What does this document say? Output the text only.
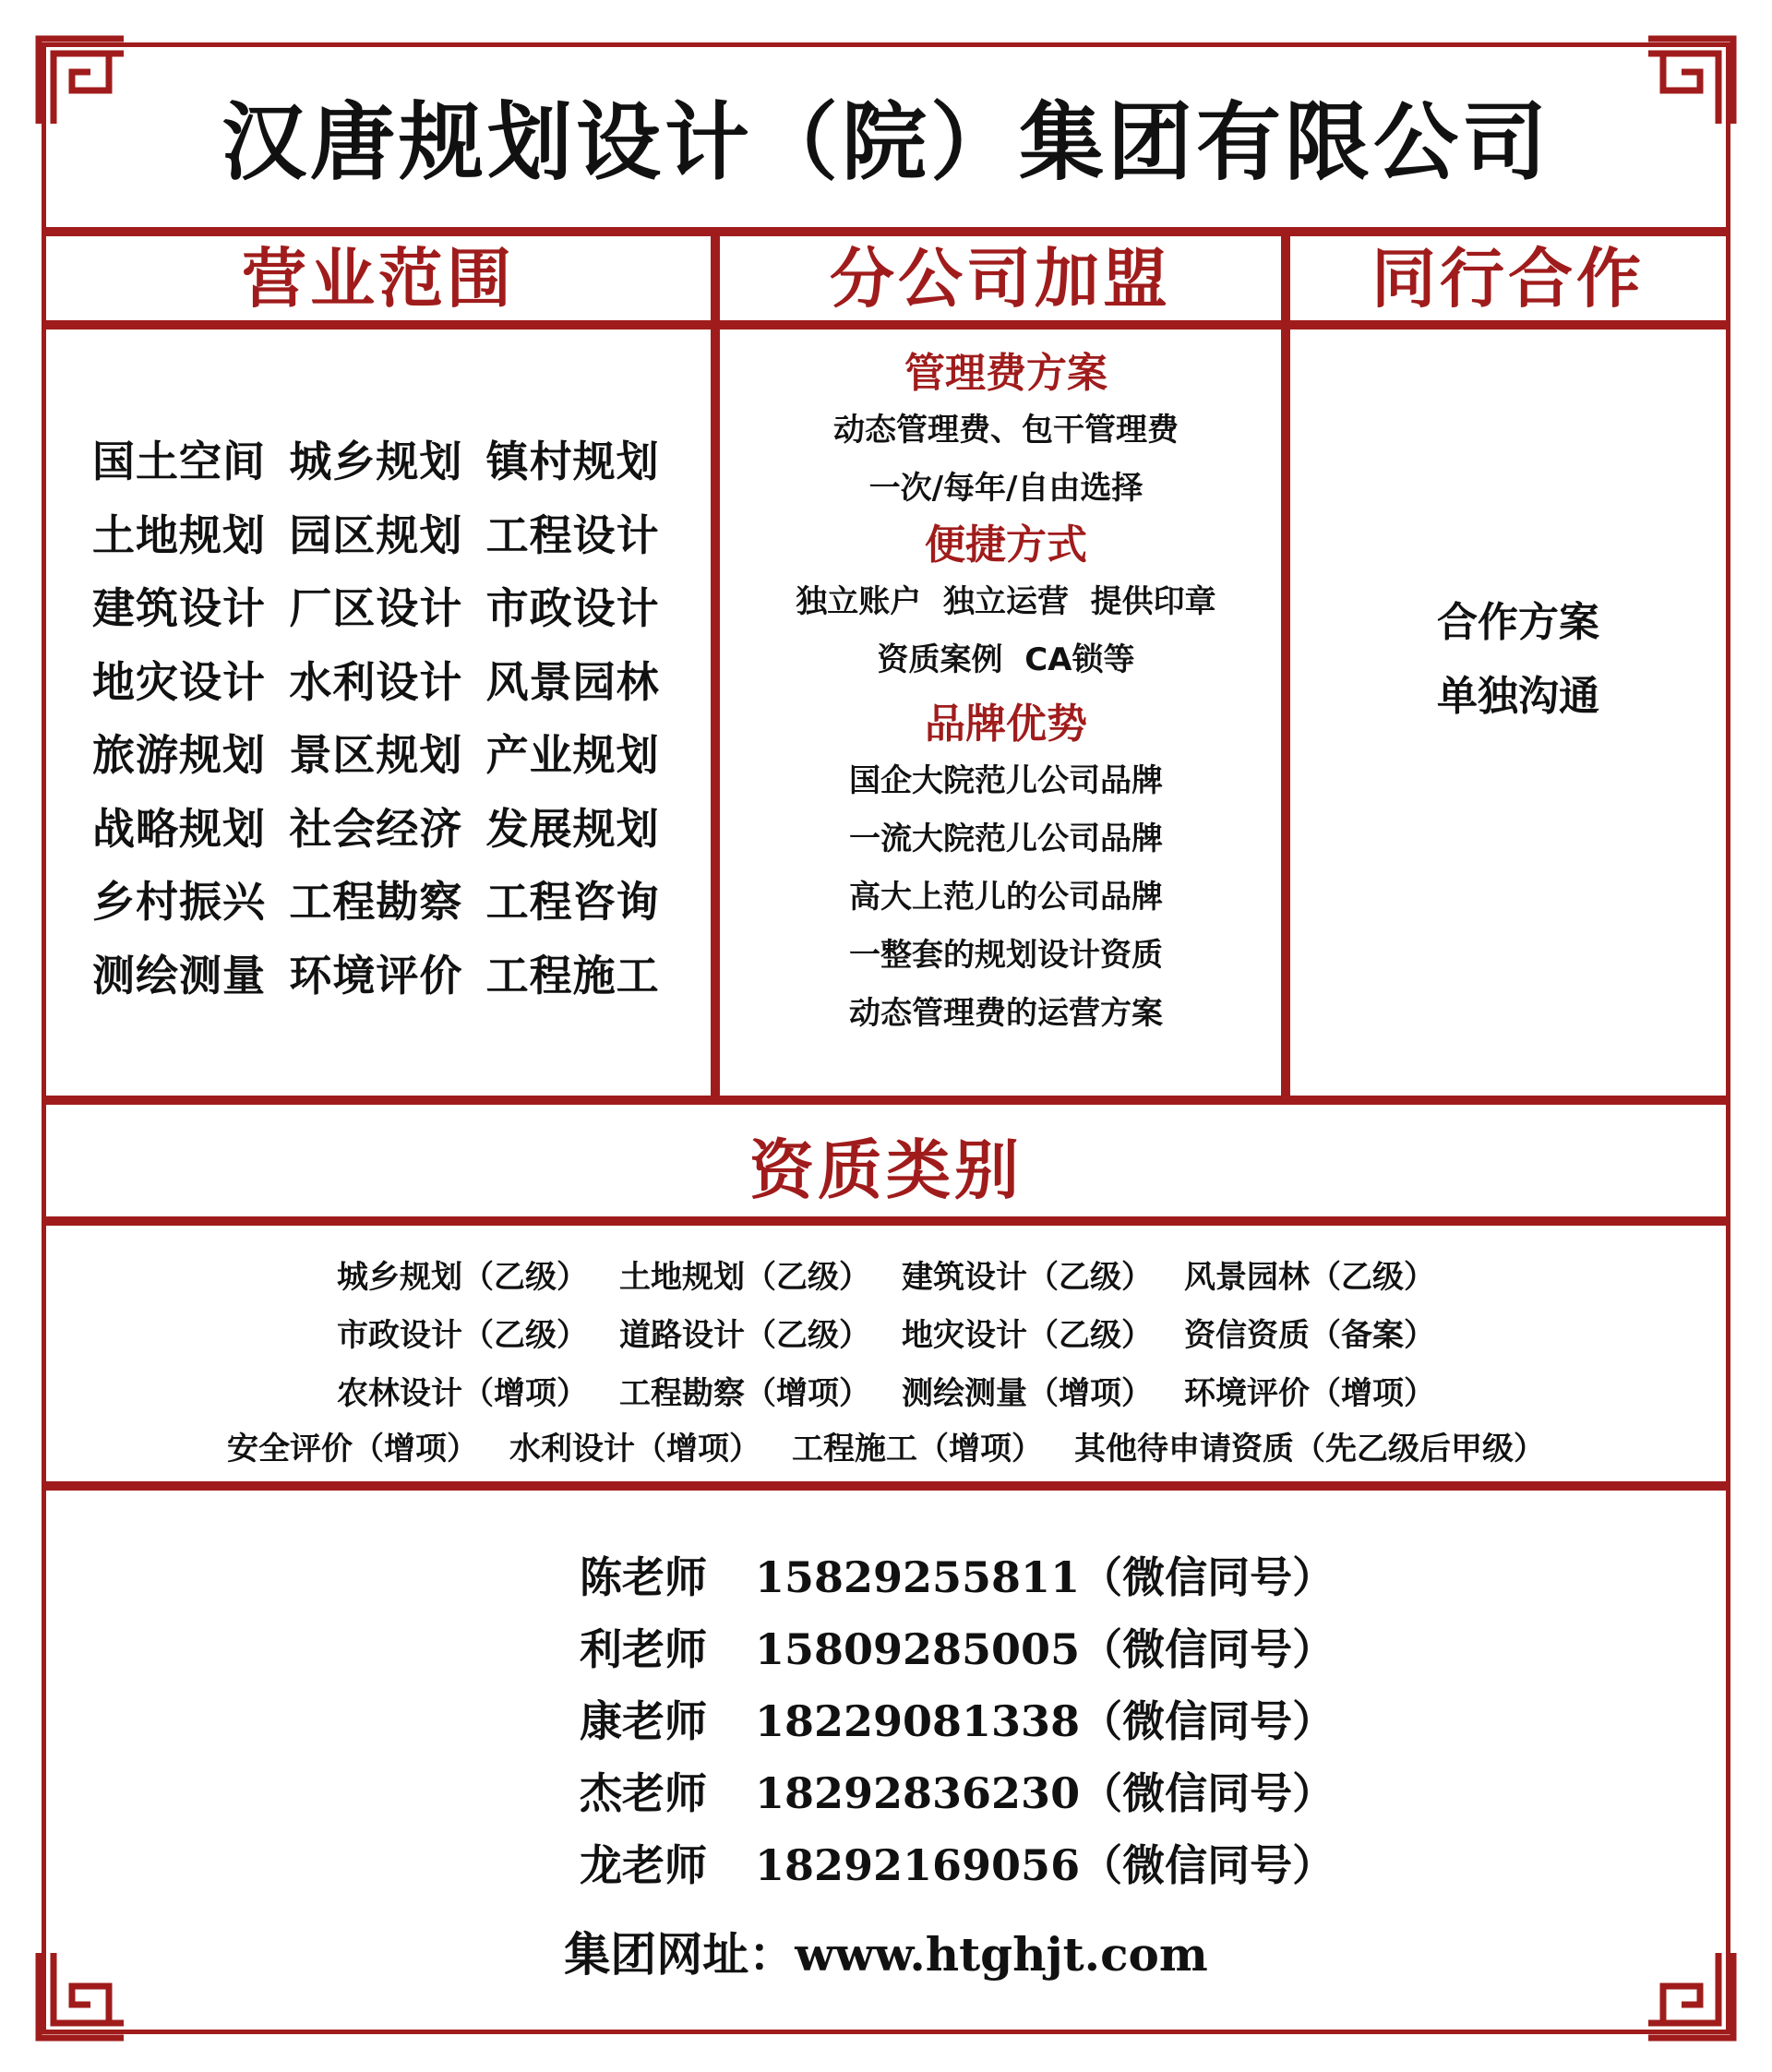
汉唐规划设计（院）集团有限公司
营业范围	分公司加盟	同行合作
国土空间 城乡规划 镇村规划
土地规划 园区规划 工程设计
建筑设计 厂区设计 市政设计
地灾设计 水利设计 风景园林
旅游规划 景区规划 产业规划
战略规划 社会经济 发展规划
乡村振兴 工程勘察 工程咨询
测绘测量 环境评价 工程施工
管理费方案
动态管理费、包干管理费
一次/每年/自由选择
便捷方式
独立账户  独立运营  提供印章
资质案例  CA锁等
品牌优势
国企大院范儿公司品牌
一流大院范儿公司品牌
高大上范儿的公司品牌
一整套的规划设计资质
动态管理费的运营方案
合作方案
单独沟通
资质类别
城乡规划（乙级） 土地规划（乙级） 建筑设计（乙级） 风景园林（乙级）
市政设计（乙级） 道路设计（乙级） 地灾设计（乙级） 资信资质（备案）
农林设计（增项） 工程勘察（增项） 测绘测量（增项） 环境评价（增项）
安全评价（增项） 水利设计（增项） 工程施工（增项） 其他待申请资质（先乙级后甲级）
陈老师	15829255811（微信同号）
利老师	15809285005（微信同号）
康老师	18229081338（微信同号）
杰老师	18292836230（微信同号）
龙老师	18292169056（微信同号）
集团网址：www.htghjt.com
